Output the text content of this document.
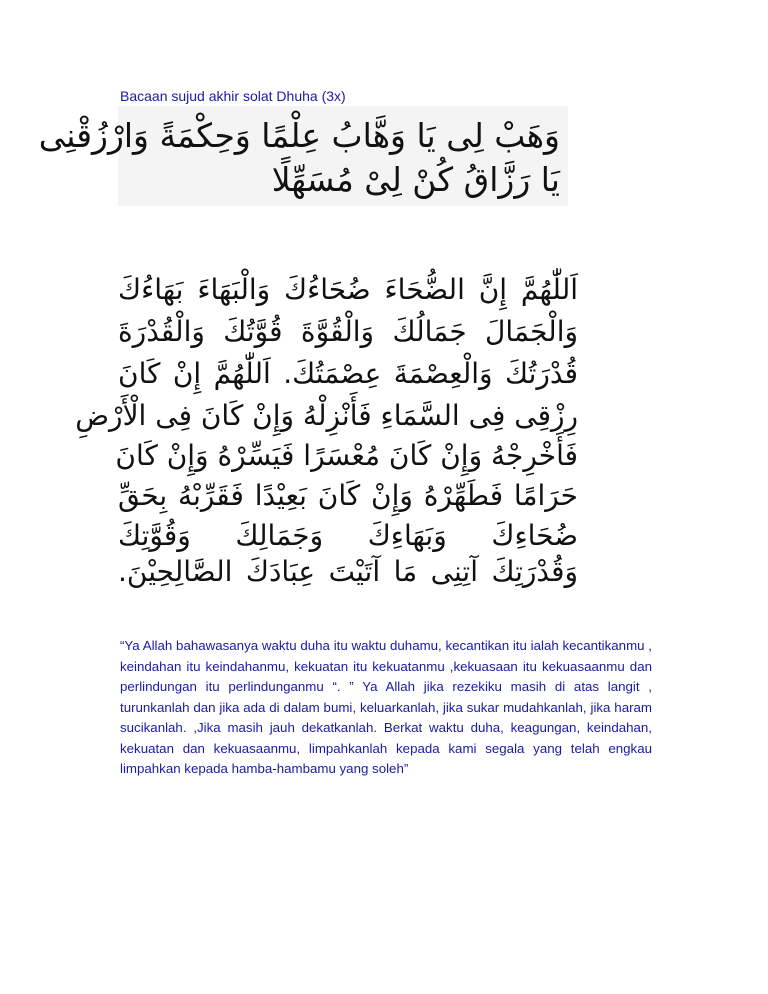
Bacaan sujud akhir solat Dhuha (3x)
وَهَبْ لِى يَا وَهَّابُ عِلْمًا وَحِكْمَةً وَارْزُقْنِى
يَا رَزَّاقُ كُنْ لِىْ مُسَهِّلًا
اَللّٰهُمَّ إِنَّ الضُّحَاءَ ضُحَاءُكَ وَالْبَهَاءَ بَهَاءُكَ
وَالْجَمَالَ جَمَالُكَ وَالْقُوَّةَ قُوَّتُكَ وَالْقُدْرَةَ
قُدْرَتُكَ وَالْعِصْمَةَ عِصْمَتُكَ. اَللّٰهُمَّ إِنْ كَانَ
رِزْقِى فِى السَّمَاءِ فَأَنْزِلْهُ وَإِنْ كَانَ فِى الْأَرْضِ
فَأَخْرِجْهُ وَإِنْ كَانَ مُعْسَرًا فَيَسِّرْهُ وَإِنْ كَانَ
حَرَامًا فَطَهِّرْهُ وَإِنْ كَانَ بَعِيْدًا فَقَرِّبْهُ بِحَقِّ
ضُحَاءِكَ وَبَهَاءِكَ وَجَمَالِكَ وَقُوَّتِكَ
وَقُدْرَتِكَ آتِنِى مَا آتَيْتَ عِبَادَكَ الصَّالِحِيْنَ.

“Ya Allah bahawasanya waktu duha itu waktu duhamu, kecantikan itu ialah kecantikanmu , keindahan itu keindahanmu, kekuatan itu kekuatanmu ,kekuasaan itu kekuasaanmu dan perlindungan itu perlindunganmu “. ” Ya Allah jika rezekiku masih di atas langit , turunkanlah dan jika ada di dalam bumi, keluarkanlah, jika sukar mudahkanlah, jika haram sucikanlah. ,Jika masih jauh dekatkanlah. Berkat waktu duha, keagungan, keindahan, kekuatan dan kekuasaanmu, limpahkanlah kepada kami segala yang telah engkau limpahkan kepada hamba-hambamu yang soleh”
